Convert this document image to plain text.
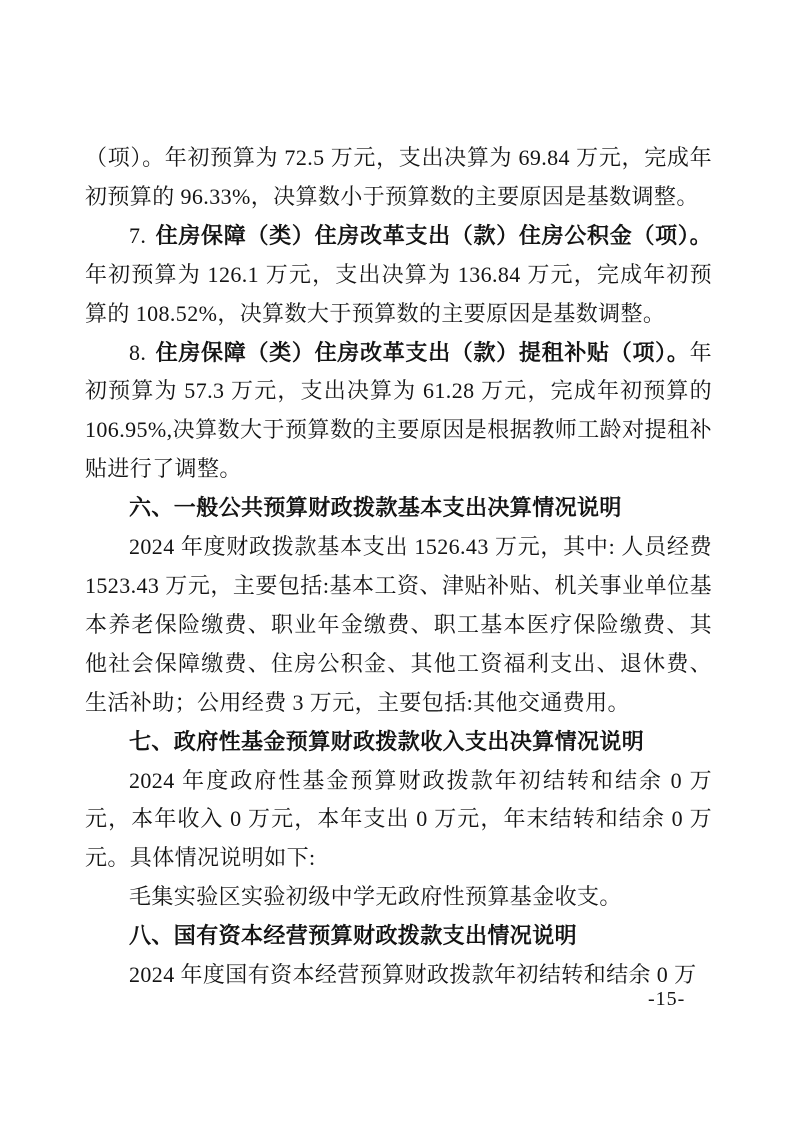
（项）。年初预算为 72.5 万元，支出决算为 69.84 万元，完成年初预算的 96.33%，决算数小于预算数的主要原因是基数调整。

7. 住房保障（类）住房改革支出（款）住房公积金（项）。年初预算为 126.1 万元，支出决算为 136.84 万元，完成年初预算的 108.52%，决算数大于预算数的主要原因是基数调整。

8. 住房保障（类）住房改革支出（款）提租补贴（项）。年初预算为 57.3 万元，支出决算为 61.28 万元，完成年初预算的 106.95%,决算数大于预算数的主要原因是根据教师工龄对提租补贴进行了调整。

六、一般公共预算财政拨款基本支出决算情况说明

2024 年度财政拨款基本支出 1526.43 万元，其中: 人员经费 1523.43 万元，主要包括:基本工资、津贴补贴、机关事业单位基本养老保险缴费、职业年金缴费、职工基本医疗保险缴费、其他社会保障缴费、住房公积金、其他工资福利支出、退休费、生活补助；公用经费 3 万元，主要包括:其他交通费用。

七、政府性基金预算财政拨款收入支出决算情况说明

2024 年度政府性基金预算财政拨款年初结转和结余 0 万元，本年收入 0 万元，本年支出 0 万元，年末结转和结余 0 万元。具体情况说明如下:

毛集实验区实验初级中学无政府性预算基金收支。

八、国有资本经营预算财政拨款支出情况说明

2024 年度国有资本经营预算财政拨款年初结转和结余 0 万

-15-
